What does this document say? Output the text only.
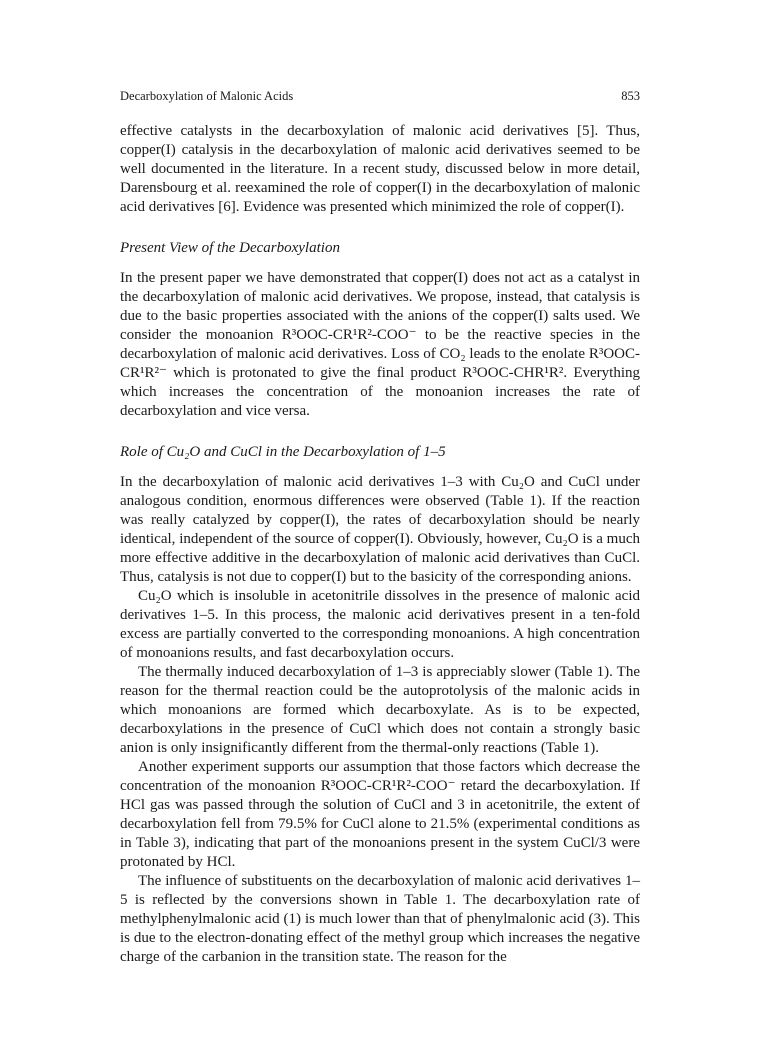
Decarboxylation of Malonic Acids	853

effective catalysts in the decarboxylation of malonic acid derivatives [5]. Thus, copper(I) catalysis in the decarboxylation of malonic acid derivatives seemed to be well documented in the literature. In a recent study, discussed below in more detail, Darensbourg et al. reexamined the role of copper(I) in the decarboxylation of malonic acid derivatives [6]. Evidence was presented which minimized the role of copper(I).

Present View of the Decarboxylation

In the present paper we have demonstrated that copper(I) does not act as a catalyst in the decarboxylation of malonic acid derivatives. We propose, instead, that catalysis is due to the basic properties associated with the anions of the copper(I) salts used. We consider the monoanion R³OOC-CR¹R²-COO⁻ to be the reactive species in the decarboxylation of malonic acid derivatives. Loss of CO₂ leads to the enolate R³OOC-CR¹R²⁻ which is protonated to give the final product R³OOC-CHR¹R². Everything which increases the concentration of the monoanion increases the rate of decarboxylation and vice versa.

Role of Cu₂O and CuCl in the Decarboxylation of 1–5

In the decarboxylation of malonic acid derivatives 1–3 with Cu₂O and CuCl under analogous condition, enormous differences were observed (Table 1). If the reaction was really catalyzed by copper(I), the rates of decarboxylation should be nearly identical, independent of the source of copper(I). Obviously, however, Cu₂O is a much more effective additive in the decarboxylation of malonic acid derivatives than CuCl. Thus, catalysis is not due to copper(I) but to the basicity of the corresponding anions.

Cu₂O which is insoluble in acetonitrile dissolves in the presence of malonic acid derivatives 1–5. In this process, the malonic acid derivatives present in a ten-fold excess are partially converted to the corresponding monoanions. A high concentration of monoanions results, and fast decarboxylation occurs.

The thermally induced decarboxylation of 1–3 is appreciably slower (Table 1). The reason for the thermal reaction could be the autoprotolysis of the malonic acids in which monoanions are formed which decarboxylate. As is to be expected, decarboxylations in the presence of CuCl which does not contain a strongly basic anion is only insignificantly different from the thermal-only reactions (Table 1).

Another experiment supports our assumption that those factors which decrease the concentration of the monoanion R³OOC-CR¹R²-COO⁻ retard the decarboxylation. If HCl gas was passed through the solution of CuCl and 3 in acetonitrile, the extent of decarboxylation fell from 79.5% for CuCl alone to 21.5% (experimental conditions as in Table 3), indicating that part of the monoanions present in the system CuCl/3 were protonated by HCl.

The influence of substituents on the decarboxylation of malonic acid derivatives 1–5 is reflected by the conversions shown in Table 1. The decarboxylation rate of methylphenylmalonic acid (1) is much lower than that of phenylmalonic acid (3). This is due to the electron-donating effect of the methyl group which increases the negative charge of the carbanion in the transition state. The reason for the
